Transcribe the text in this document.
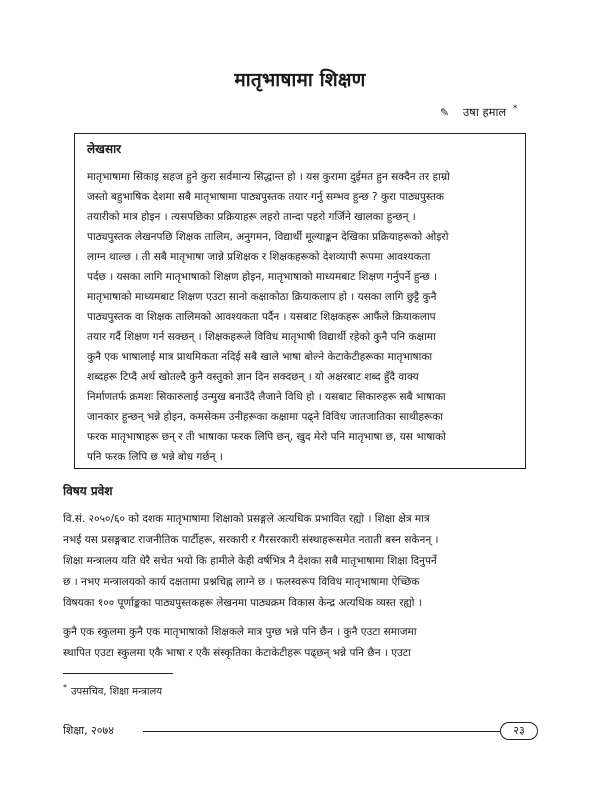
मातृभाषामा शिक्षण
✎ उषा हमाल *
लेखसार
मातृभाषामा सिकाइ सहज हुने कुरा सर्वमान्य सिद्धान्त हो । यस कुरामा दुईमत हुन सक्दैन तर हाम्रो
जस्तो बहुभाषिक देशमा सबै मातृभाषामा पाठ्यपुस्तक तयार गर्नु सम्भव हुन्छ ? कुरा पाठ्यपुस्तक
तयारीको मात्र होइन । त्यसपछिका प्रक्रियाहरू लहरो तान्दा पहरो गर्जिने खालका हुन्छन् ।
पाठ्यपुस्तक लेखनपछि शिक्षक तालिम, अनुगमन, विद्यार्थी मूल्याङ्कन देखिका प्रक्रियाहरूको ओइरो
लाग्न थाल्छ । ती सबै मातृभाषा जान्ने प्रशिक्षक र शिक्षकहरूको देशव्यापी रूपमा आवश्यकता
पर्दछ । यसका लागि मातृभाषाको शिक्षण होइन, मातृभाषाको माध्यमबाट शिक्षण गर्नुपर्ने हुन्छ ।
मातृभाषाको माध्यमबाट शिक्षण एउटा सानो कक्षाकोठा क्रियाकलाप हो । यसका लागि छुट्टै कुनै
पाठ्यपुस्तक वा शिक्षक तालिमको आवश्यकता पर्दैन । यसबाट शिक्षकहरू आफैंले क्रियाकलाप
तयार गर्दै शिक्षण गर्न सक्छन् । शिक्षकहरूले विविध मातृभाषी विद्यार्थी रहेको कुनै पनि कक्षामा
कुनै एक भाषालाई मात्र प्राथमिकता नदिई सबै खाले भाषा बोल्ने केटाकेटीहरूका मातृभाषाका
शब्दहरू टिप्दै अर्थ खोतल्दै कुनै वस्तुको ज्ञान दिन सक्दछन् । यो अक्षरबाट शब्द हुँदै वाक्य
निर्माणतर्फ क्रमशः सिकारुलाई उन्मुख बनाउँदै लैजाने विधि हो । यसबाट सिकारुहरू सबै भाषाका
जानकार हुन्छन् भन्ने होइन, कमसेकम उनीहरूका कक्षामा पढ्ने विविध जातजातिका साथीहरूका
फरक मातृभाषाहरू छन् र ती भाषाका फरक लिपि छन्, खुद मेरो पनि मातृभाषा छ, यस भाषाको
पनि फरक लिपि छ भन्ने बोध गर्छन् ।
विषय प्रवेश
वि.सं. २०५०/६० को दशक मातृभाषामा शिक्षाको प्रसङ्गले अत्यधिक प्रभावित रह्यो । शिक्षा क्षेत्र मात्र
नभई यस प्रसङ्गबाट राजनीतिक पार्टीहरू, सरकारी र गैरसरकारी संस्थाहरूसमेत नताती बस्न सकेनन् ।
शिक्षा मन्त्रालय यति धेरै सचेत भयो कि हामीले केही वर्षभित्र नै देशका सबै मातृभाषामा शिक्षा दिनुपर्ने
छ । नभए मन्त्रालयको कार्य दक्षतामा प्रश्नचिह्न लाग्ने छ । फलस्वरूप विविध मातृभाषामा ऐच्छिक
विषयका १०० पूर्णाङ्कका पाठ्यपुस्तकहरू लेखनमा पाठ्यक्रम विकास केन्द्र अत्यधिक व्यस्त रह्यो ।
कुनै एक स्कुलमा कुनै एक मातृभाषाको शिक्षकले मात्र पुग्छ भन्ने पनि छैन । कुनै एउटा समाजमा
स्थापित एउटा स्कुलमा एकै भाषा र एकै संस्कृतिका केटाकेटीहरू पढ्छन् भन्ने पनि छैन । एउटा
* उपसचिव, शिक्षा मन्त्रालय
शिक्षा, २०७४	२३
